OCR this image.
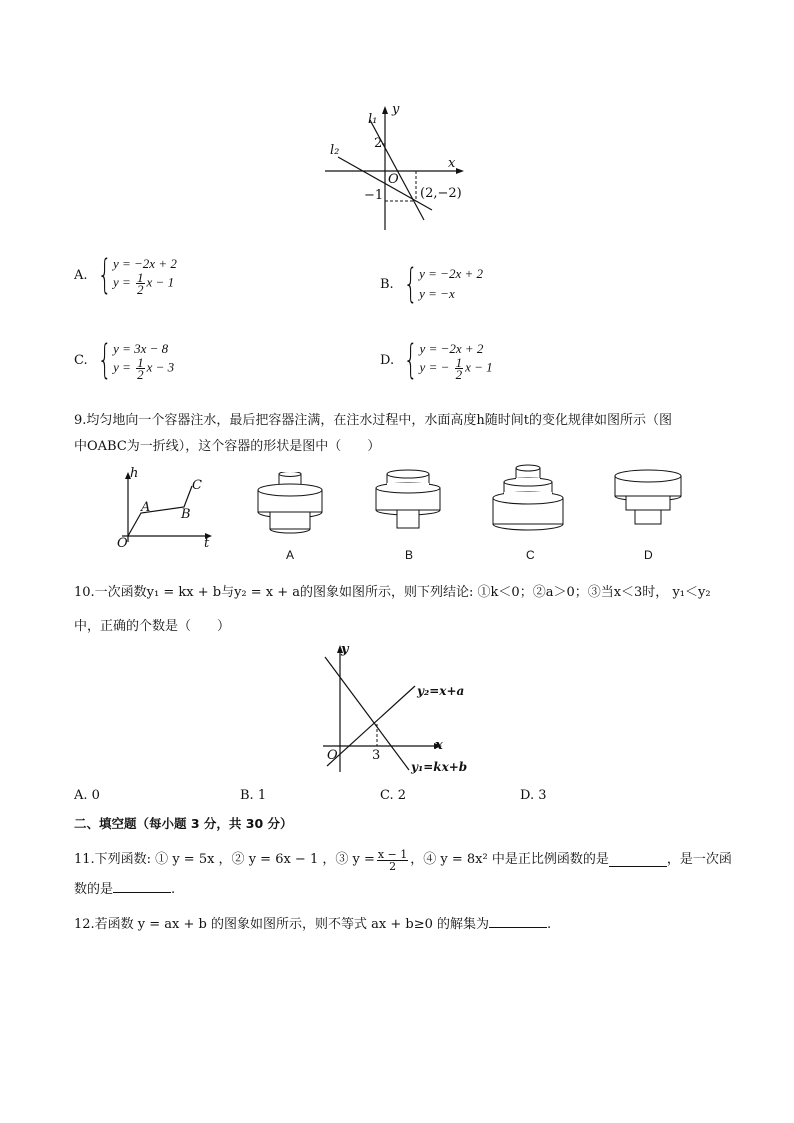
l₁
y
l₂
x
2
O
−1	(2,−2)
A. { y = −2x + 2
$y = \frac{1}{2}$ x − 1	B. { y = −2x + 2
y = −x
C. { y = 3x − 8
$y = \frac{1}{2}$ x − 3	D. { y = −2x + 2
y = − $\frac{1}{2}$ x − 1
9.均匀地向一个容器注水，最后把容器注满，在注水过程中，水面高度h随时间t的变化规律如图所示（图
中OABC为一折线），这个容器的形状是图中（　　）
h
t
O
A B
C
A	B	C	D
10.一次函数y₁ = kx + b与y₂ = x + a的图象如图所示，则下列结论: ①k＜0；②a＞0；③当x＜3时， y₁＜y₂
中，正确的个数是（　　）
y
x
O	3
y₂=x+a
y₁=kx+b
A. 0	B. 1	C. 2	D. 3
二、填空题（每小题 3 分，共 30 分）
11.下列函数: ① y = 5x ，② y = 6x − 1 ，③ $y = \frac{x - 1}{2}$ ，④ y = 8x² 中是正比例函数的是	，是一次函
数的是	.
12.若函数 y = ax + b 的图象如图所示，则不等式 ax + b≥0 的解集为	.
